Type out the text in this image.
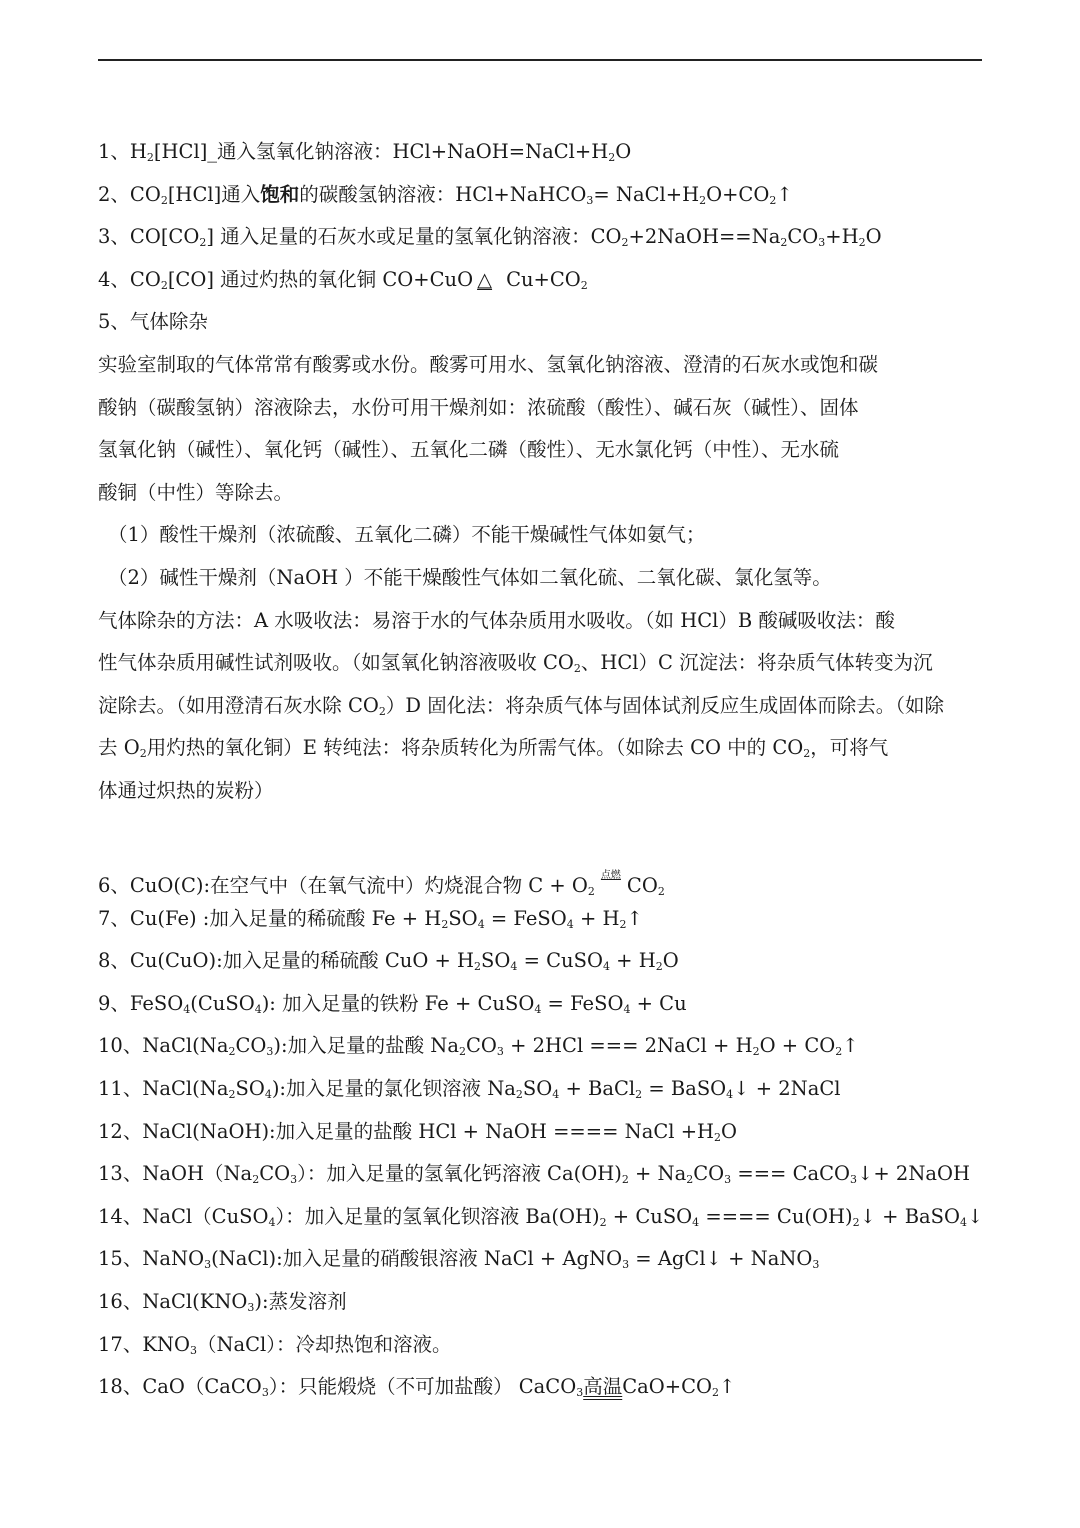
1、$H_2[HCl]\_$通入氢氧化钠溶液：$HCl+NaOH=NaCl+H_2O$
2、$CO_2[HCl]$通入饱和的碳酸氢钠溶液：HCl+NaHCO$_3$= $NaCl+H_2O+CO_2↑$
3、$CO[CO_2]$ 通入足量的石灰水或足量的氢氧化钠溶液：$CO_2+2NaOH==Na_2CO_3+H_2O$
4、$CO_2[CO]$ 通过灼热的氧化铜 CO+CuO △ $Cu+CO_2$
5、气体除杂
实验室制取的气体常常有酸雾或水份。酸雾可用水、氢氧化钠溶液、澄清的石灰水或饱和碳
酸钠（碳酸氢钠）溶液除去，水份可用干燥剂如：浓硫酸（酸性）、碱石灰（碱性）、固体
氢氧化钠（碱性）、氧化钙（碱性）、五氧化二磷（酸性）、无水氯化钙（中性）、无水硫
酸铜（中性）等除去。
（1）酸性干燥剂（浓硫酸、五氧化二磷）不能干燥碱性气体如氨气；
（2）碱性干燥剂（NaOH ）不能干燥酸性气体如二氧化硫、二氧化碳、氯化氢等。
气体除杂的方法：A 水吸收法：易溶于水的气体杂质用水吸收。（如 HCl）B 酸碱吸收法：酸
性气体杂质用碱性试剂吸收。（如氢氧化钠溶液吸收 $CO_2$、HCl）C 沉淀法：将杂质气体转变为沉
淀除去。（如用澄清石灰水除 $CO_2)D$ 固化法：将杂质气体与固体试剂反应生成固体而除去。（如除
去 $O_2$用灼热的氧化铜）E 转纯法：将杂质转化为所需气体。（如除去 CO 中的 $CO_2$，可将气
体通过炽热的炭粉）
6、CuO(C):在空气中（在氧气流中）灼烧混合物 $C + O_2$点燃 $CO_2$
7、Cu(Fe) :加入足量的稀硫酸 $Fe + H_2SO_4$ = FeSO$_4$ + $H_2↑$
8、Cu(CuO):加入足量的稀硫酸 CuO + $H_2SO_4$ = CuSO$_4$ + $H_2O$
9、FeSO$_4$(CuSO$_4$): 加入足量的铁粉 Fe + CuSO$_4$ = FeSO$_4$ + Cu
10、$NaCl(Na_2CO_3)$:加入足量的盐酸 $Na_2CO_3 + 2HCl$ === 2NaCl + $H_2O$ + $CO_2↑$
11、$NaCl(Na_2SO_4)$:加入足量的氯化钡溶液 $Na_2SO_4$ + BaCl$_2$ = BaSO$_4$↓ + 2NaCl
12、NaCl(NaOH):加入足量的盐酸 HCl + NaOH ==== NaCl $+H_2O$
13、$NaOH(Na_2CO_3)$：加入足量的氢氧化钙溶液 $Ca(OH)_2 + Na_2CO_3$ === CaCO$_3$↓+ 2NaOH
14、NaCl（CuSO$_4$）：加入足量的氢氧化钡溶液 $Ba(OH)_2$ + CuSO$_4$ ==== $Cu(OH)_2↓$ + BaSO$_4$↓
15、NaNO$_3$(NaCl):加入足量的硝酸银溶液 NaCl + AgNO$_3$ = AgCl↓ + NaNO$_3$
16、$NaCl(KNO_3)$:蒸发溶剂
17、$KNO_3(NaCl)$：冷却热饱和溶液。
18、CaO（CaCO$_3$）：只能煅烧（不可加盐酸） CaCO$_3$高温$CaO+CO_2↑$
